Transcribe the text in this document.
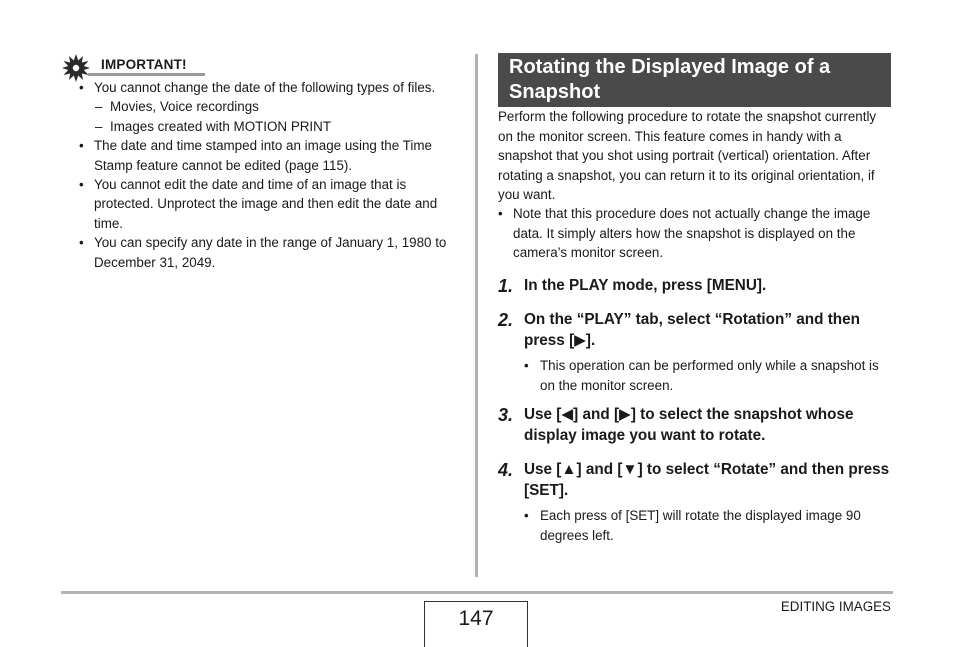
IMPORTANT!
• You cannot change the date of the following types of files.
– Movies, Voice recordings
– Images created with MOTION PRINT
• The date and time stamped into an image using the Time Stamp feature cannot be edited (page 115).
• You cannot edit the date and time of an image that is protected. Unprotect the image and then edit the date and time.
• You can specify any date in the range of January 1, 1980 to December 31, 2049.
Rotating the Displayed Image of a Snapshot
Perform the following procedure to rotate the snapshot currently on the monitor screen. This feature comes in handy with a snapshot that you shot using portrait (vertical) orientation. After rotating a snapshot, you can return it to its original orientation, if you want.
• Note that this procedure does not actually change the image data. It simply alters how the snapshot is displayed on the camera’s monitor screen.
1. In the PLAY mode, press [MENU].
2. On the “PLAY” tab, select “Rotation” and then press [▶].
• This operation can be performed only while a snapshot is on the monitor screen.
3. Use [◀] and [▶] to select the snapshot whose display image you want to rotate.
4. Use [▲] and [▼] to select “Rotate” and then press [SET].
• Each press of [SET] will rotate the displayed image 90 degrees left.
147
EDITING IMAGES
